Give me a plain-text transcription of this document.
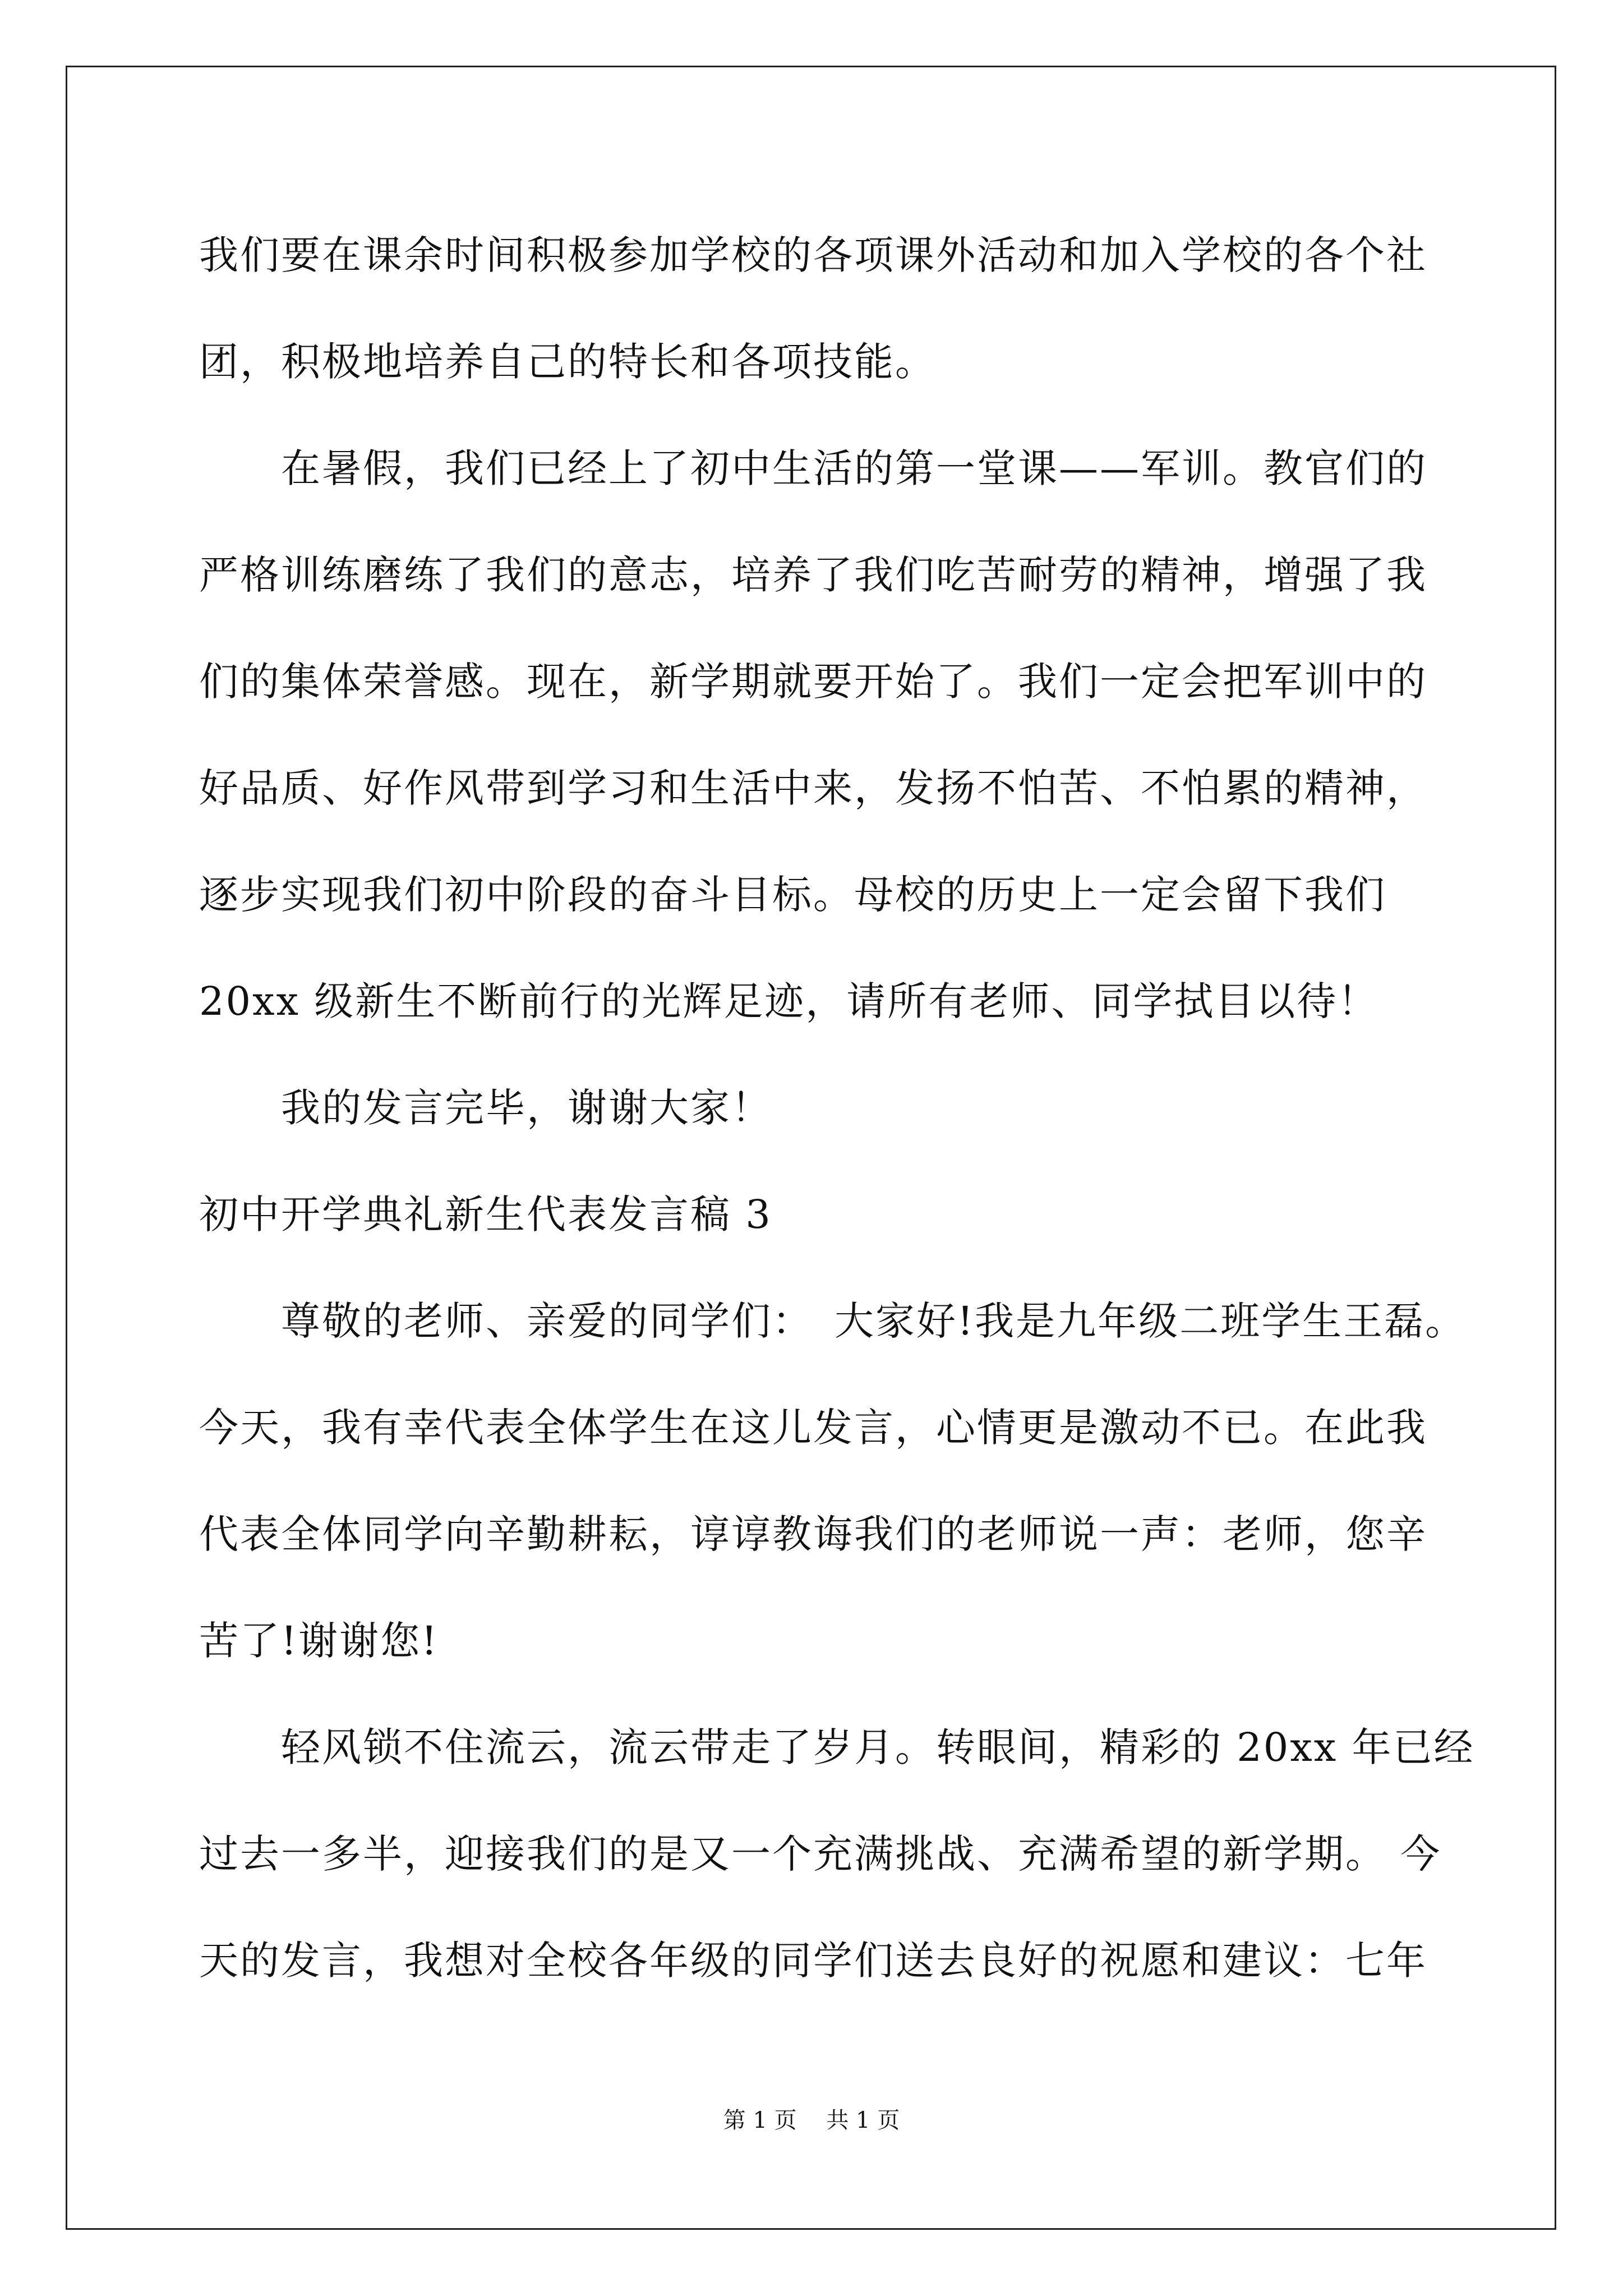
我们要在课余时间积极参加学校的各项课外活动和加入学校的各个社
团，积极地培养自己的特长和各项技能。
　　在暑假，我们已经上了初中生活的第一堂课——军训。教官们的
严格训练磨练了我们的意志，培养了我们吃苦耐劳的精神，增强了我
们的集体荣誉感。现在，新学期就要开始了。我们一定会把军训中的
好品质、好作风带到学习和生活中来，发扬不怕苦、不怕累的精神，
逐步实现我们初中阶段的奋斗目标。母校的历史上一定会留下我们
20xx 级新生不断前行的光辉足迹，请所有老师、同学拭目以待！
　　我的发言完毕，谢谢大家！
初中开学典礼新生代表发言稿 3
　　尊敬的老师、亲爱的同学们：　大家好!我是九年级二班学生王磊。
今天，我有幸代表全体学生在这儿发言，心情更是激动不已。在此我
代表全体同学向辛勤耕耘，谆谆教诲我们的老师说一声：老师，您辛
苦了!谢谢您!
　　轻风锁不住流云，流云带走了岁月。转眼间，精彩的 20xx 年已经
过去一多半，迎接我们的是又一个充满挑战、充满希望的新学期。 今
天的发言，我想对全校各年级的同学们送去良好的祝愿和建议：七年
第 1 页　 共 1 页
